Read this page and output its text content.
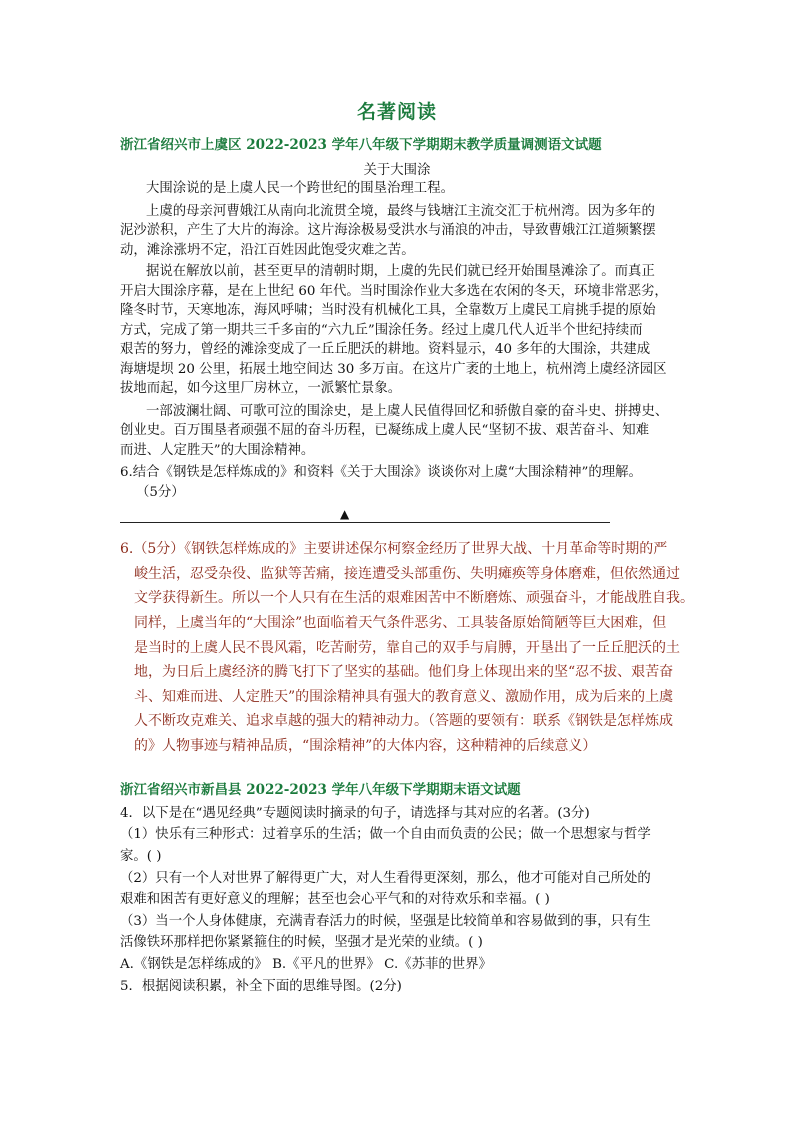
名著阅读
浙江省绍兴市上虞区 2022-2023 学年八年级下学期期末教学质量调测语文试题
关于大围涂
大围涂说的是上虞人民一个跨世纪的围垦治理工程。
上虞的母亲河曹娥江从南向北流贯全境，最终与钱塘江主流交汇于杭州湾。因为多年的
泥沙淤积，产生了大片的海涂。这片海涂极易受洪水与涌浪的冲击，导致曹娥江江道频繁摆
动，滩涂涨坍不定，沿江百姓因此饱受灾难之苦。
据说在解放以前，甚至更早的清朝时期，上虞的先民们就已经开始围垦滩涂了。而真正
开启大围涂序幕，是在上世纪 60 年代。当时围涂作业大多选在农闲的冬天，环境非常恶劣，
隆冬时节，天寒地冻，海风呼啸；当时没有机械化工具，全靠数万上虞民工肩挑手提的原始
方式，完成了第一期共三千多亩的“六九丘”围涂任务。经过上虞几代人近半个世纪持续而
艰苦的努力，曾经的滩涂变成了一丘丘肥沃的耕地。资料显示，40 多年的大围涂，共建成
海塘堤坝 20 公里，拓展土地空间达 30 多万亩。在这片广袤的土地上，杭州湾上虞经济园区
拔地而起，如今这里厂房林立，一派繁忙景象。
一部波澜壮阔、可歌可泣的围涂史，是上虞人民值得回忆和骄傲自豪的奋斗史、拼搏史、
创业史。百万围垦者顽强不屈的奋斗历程，已凝练成上虞人民“坚韧不拔、艰苦奋斗、知难
而进、人定胜天”的大围涂精神。
6.结合《钢铁是怎样炼成的》和资料《关于大围涂》谈谈你对上虞“大围涂精神”的理解。
（5分）
▲
6.（5分）《钢铁怎样炼成的》主要讲述保尔柯察金经历了世界大战、十月革命等时期的严
峻生活，忍受杂役、监狱等苦痛，接连遭受头部重伤、失明瘫痪等身体磨难，但依然通过
文学获得新生。所以一个人只有在生活的艰难困苦中不断磨炼、顽强奋斗，才能战胜自我。
同样，上虞当年的“大围涂”也面临着天气条件恶劣、工具装备原始简陋等巨大困难，但
是当时的上虞人民不畏风霜，吃苦耐劳，靠自己的双手与肩膊，开垦出了一丘丘肥沃的土
地，为日后上虞经济的腾飞打下了坚实的基础。他们身上体现出来的坚“忍不拔、艰苦奋
斗、知难而进、人定胜天”的围涂精神具有强大的教育意义、激励作用，成为后来的上虞
人不断攻克难关、追求卓越的强大的精神动力。（答题的要领有：联系《钢铁是怎样炼成
的》人物事迹与精神品质，“围涂精神”的大体内容，这种精神的后续意义）
浙江省绍兴市新昌县 2022-2023 学年八年级下学期期末语文试题
4．以下是在“遇见经典”专题阅读时摘录的句子，请选择与其对应的名著。(3分)
（1）快乐有三种形式：过着享乐的生活；做一个自由而负责的公民；做一个思想家与哲学
家。( )
（2）只有一个人对世界了解得更广大，对人生看得更深刻，那么，他才可能对自己所处的
艰难和困苦有更好意义的理解；甚至也会心平气和的对待欢乐和幸福。( )
（3）当一个人身体健康，充满青春活力的时候，坚强是比较简单和容易做到的事，只有生
活像铁环那样把你紧紧箍住的时候，坚强才是光荣的业绩。( )
A.《钢铁是怎样练成的》 B.《平凡的世界》 C.《苏菲的世界》
5．根据阅读积累，补全下面的思维导图。(2分)
